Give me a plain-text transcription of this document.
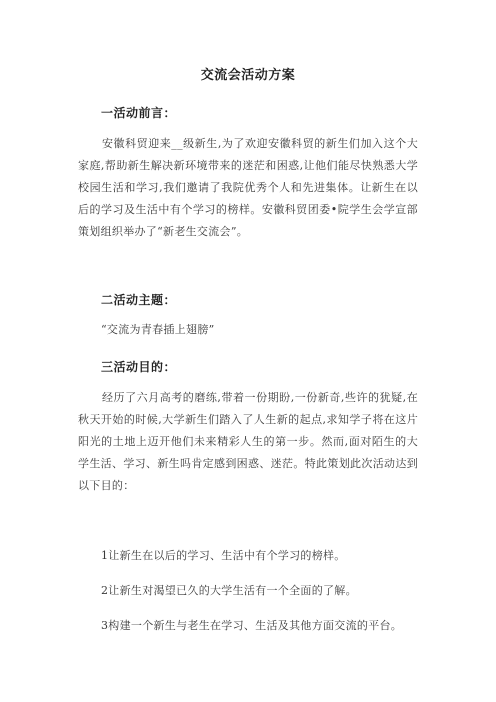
交流会活动方案
一活动前言：

安徽科贸迎来__级新生,为了欢迎安徽科贸的新生们加入这个大家庭,帮助新生解决新环境带来的迷茫和困惑,让他们能尽快熟悉大学校园生活和学习,我们邀请了我院优秀个人和先进集体。让新生在以后的学习及生活中有个学习的榜样。安徽科贸团委•院学生会学宣部策划组织举办了“新老生交流会”。

二活动主题：
“交流为青春插上翅膀”
三活动目的：

经历了六月高考的磨练,带着一份期盼,一份新奇,些许的犹疑,在秋天开始的时候,大学新生们踏入了人生新的起点,求知学子将在这片阳光的土地上迈开他们未来精彩人生的第一步。然而,面对陌生的大学生活、学习、新生吗肯定感到困惑、迷茫。特此策划此次活动达到以下目的：

1让新生在以后的学习、生活中有个学习的榜样。
2让新生对渴望已久的大学生活有一个全面的了解。
3构建一个新生与老生在学习、生活及其他方面交流的平台。
